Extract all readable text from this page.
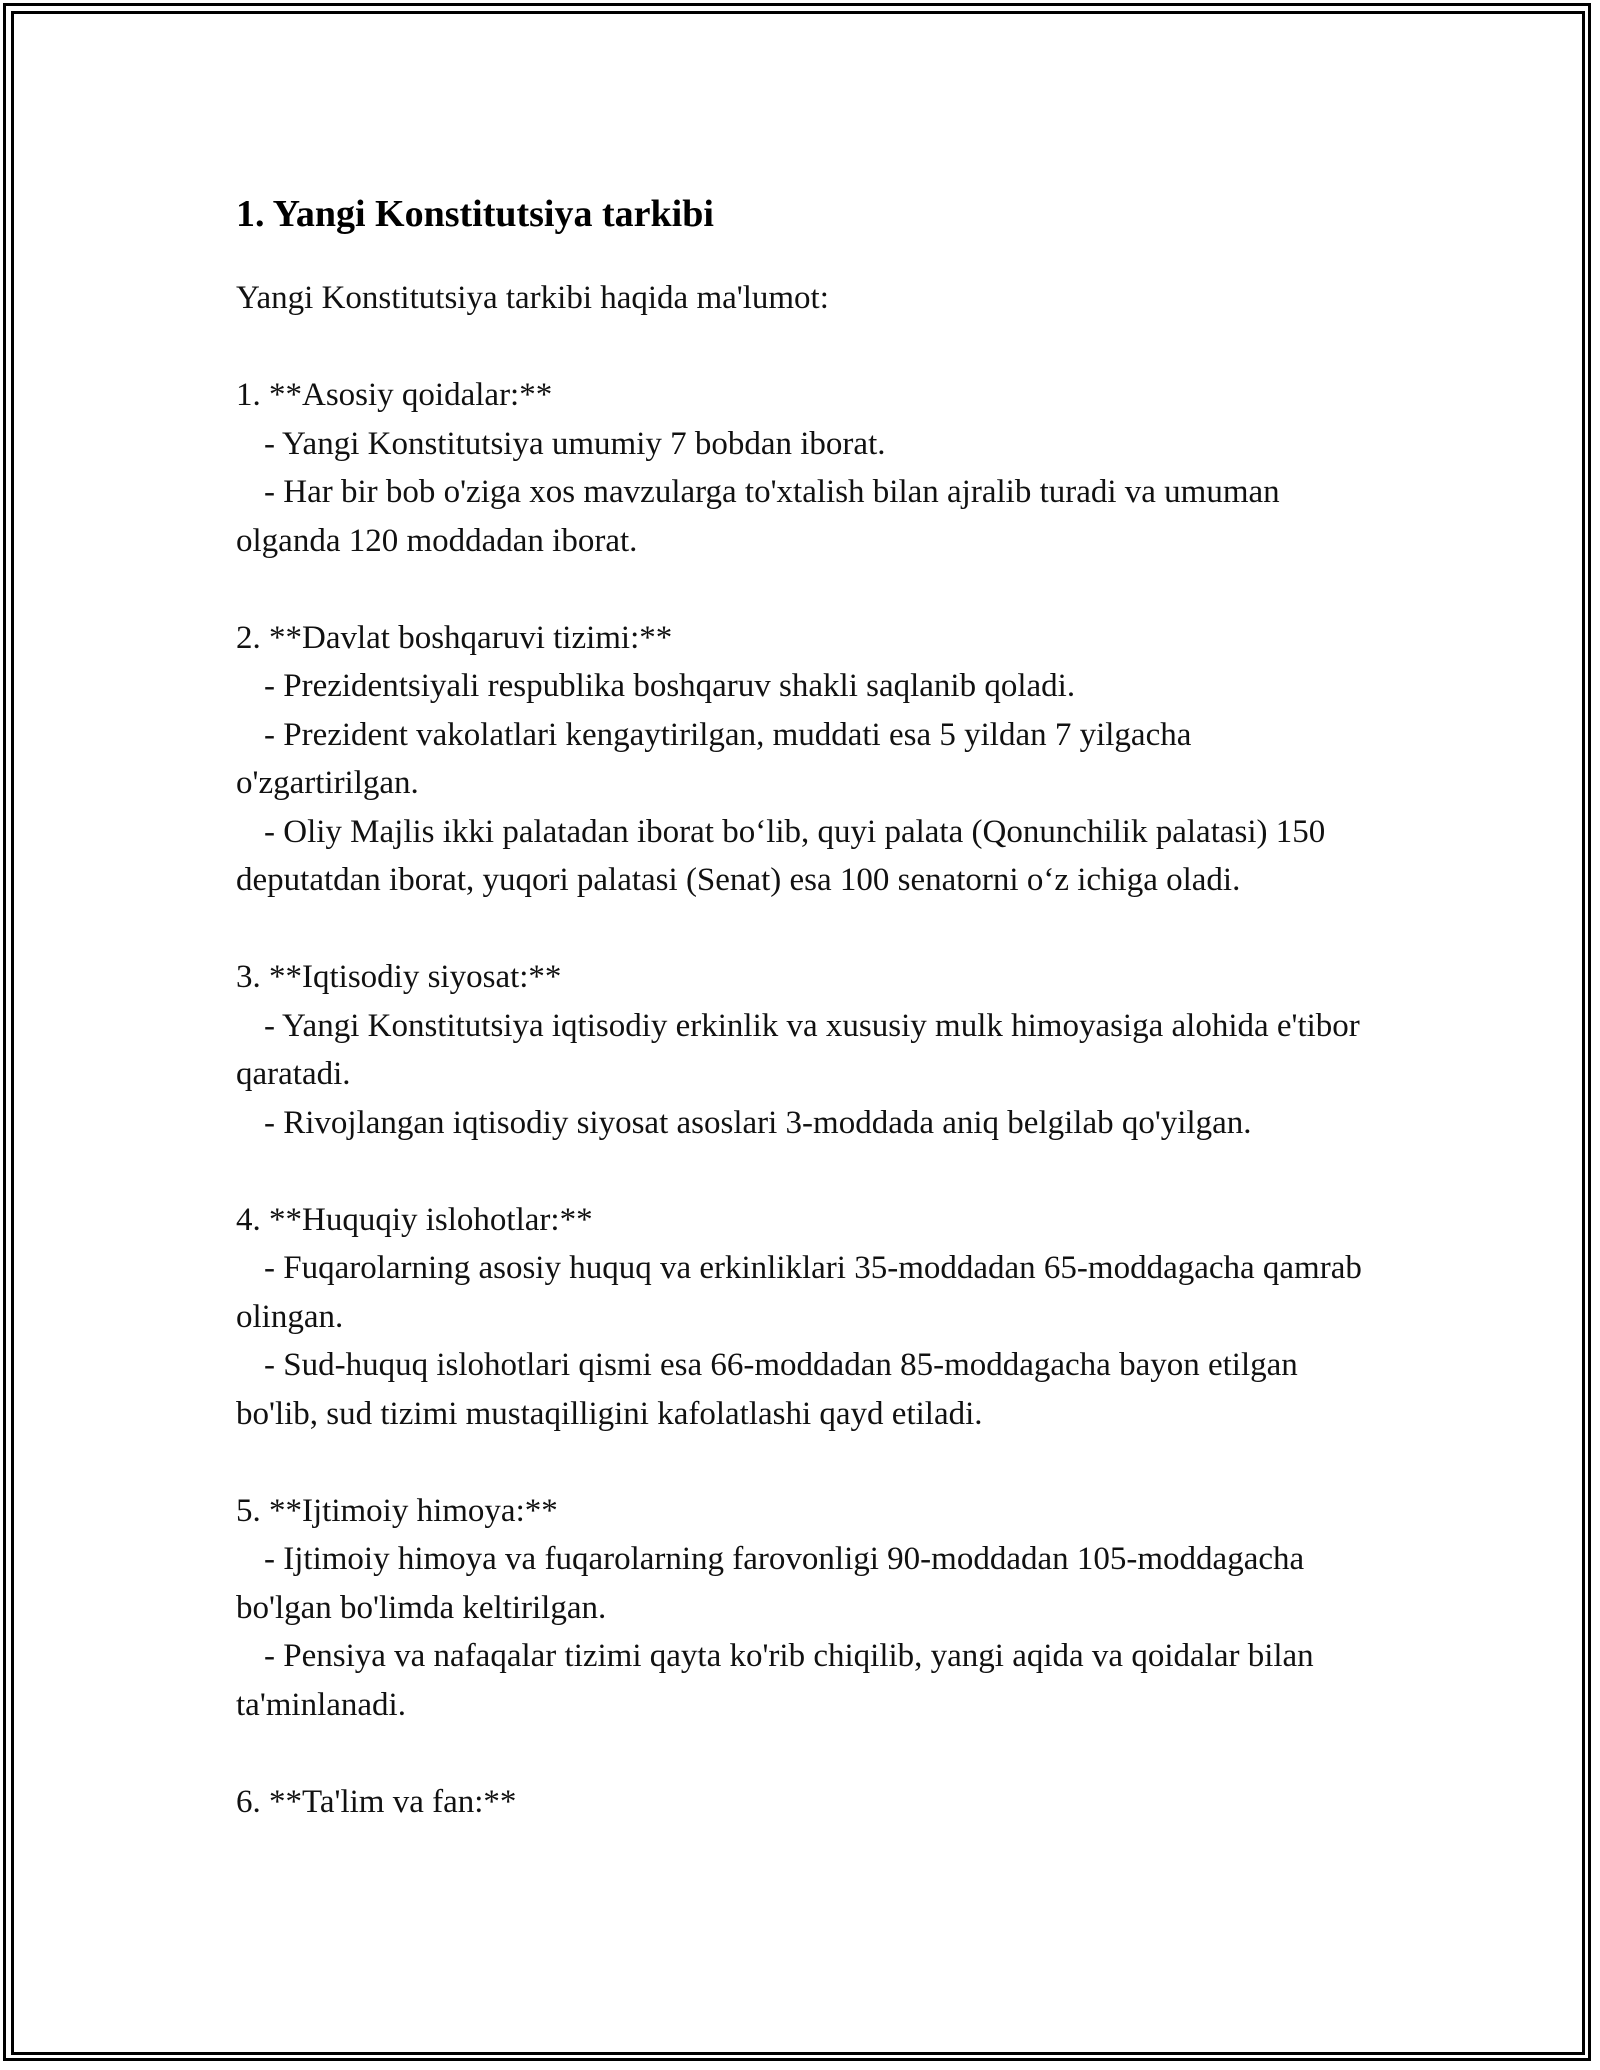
1. Yangi Konstitutsiya tarkibi

Yangi Konstitutsiya tarkibi haqida ma'lumot:

1. **Asosiy qoidalar:**

- Yangi Konstitutsiya umumiy 7 bobdan iborat.

- Har bir bob o'ziga xos mavzularga to'xtalish bilan ajralib turadi va umuman olganda 120 moddadan iborat.

2. **Davlat boshqaruvi tizimi:**

- Prezidentsiyali respublika boshqaruv shakli saqlanib qoladi.

- Prezident vakolatlari kengaytirilgan, muddati esa 5 yildan 7 yilgacha o'zgartirilgan.

- Oliy Majlis ikki palatadan iborat bo‘lib, quyi palata (Qonunchilik palatasi) 150 deputatdan iborat, yuqori palatasi (Senat) esa 100 senatorni o‘z ichiga oladi.

3. **Iqtisodiy siyosat:**

- Yangi Konstitutsiya iqtisodiy erkinlik va xususiy mulk himoyasiga alohida e'tibor qaratadi.

- Rivojlangan iqtisodiy siyosat asoslari 3-moddada aniq belgilab qo'yilgan.

4. **Huquqiy islohotlar:**

- Fuqarolarning asosiy huquq va erkinliklari 35-moddadan 65-moddagacha qamrab olingan.

- Sud-huquq islohotlari qismi esa 66-moddadan 85-moddagacha bayon etilgan bo'lib, sud tizimi mustaqilligini kafolatlashi qayd etiladi.

5. **Ijtimoiy himoya:**

- Ijtimoiy himoya va fuqarolarning farovonligi 90-moddadan 105-moddagacha bo'lgan bo'limda keltirilgan.

- Pensiya va nafaqalar tizimi qayta ko'rib chiqilib, yangi aqida va qoidalar bilan ta'minlanadi.

6. **Ta'lim va fan:**
